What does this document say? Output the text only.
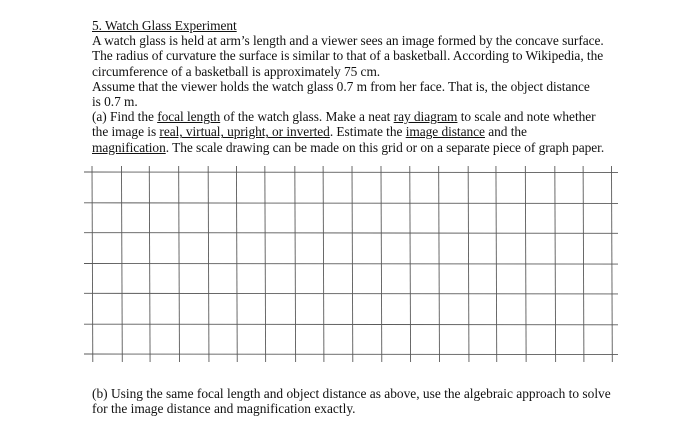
5. Watch Glass Experiment
A watch glass is held at arm’s length and a viewer sees an image formed by the concave surface.
The radius of curvature the surface is similar to that of a basketball. According to Wikipedia, the
circumference of a basketball is approximately 75 cm.
Assume that the viewer holds the watch glass 0.7 m from her face. That is, the object distance
is 0.7 m.
(a) Find the focal length of the watch glass. Make a neat ray diagram to scale and note whether
the image is real, virtual, upright, or inverted. Estimate the image distance and the
magnification. The scale drawing can be made on this grid or on a separate piece of graph paper.
(b) Using the same focal length and object distance as above, use the algebraic approach to solve
for the image distance and magnification exactly.
